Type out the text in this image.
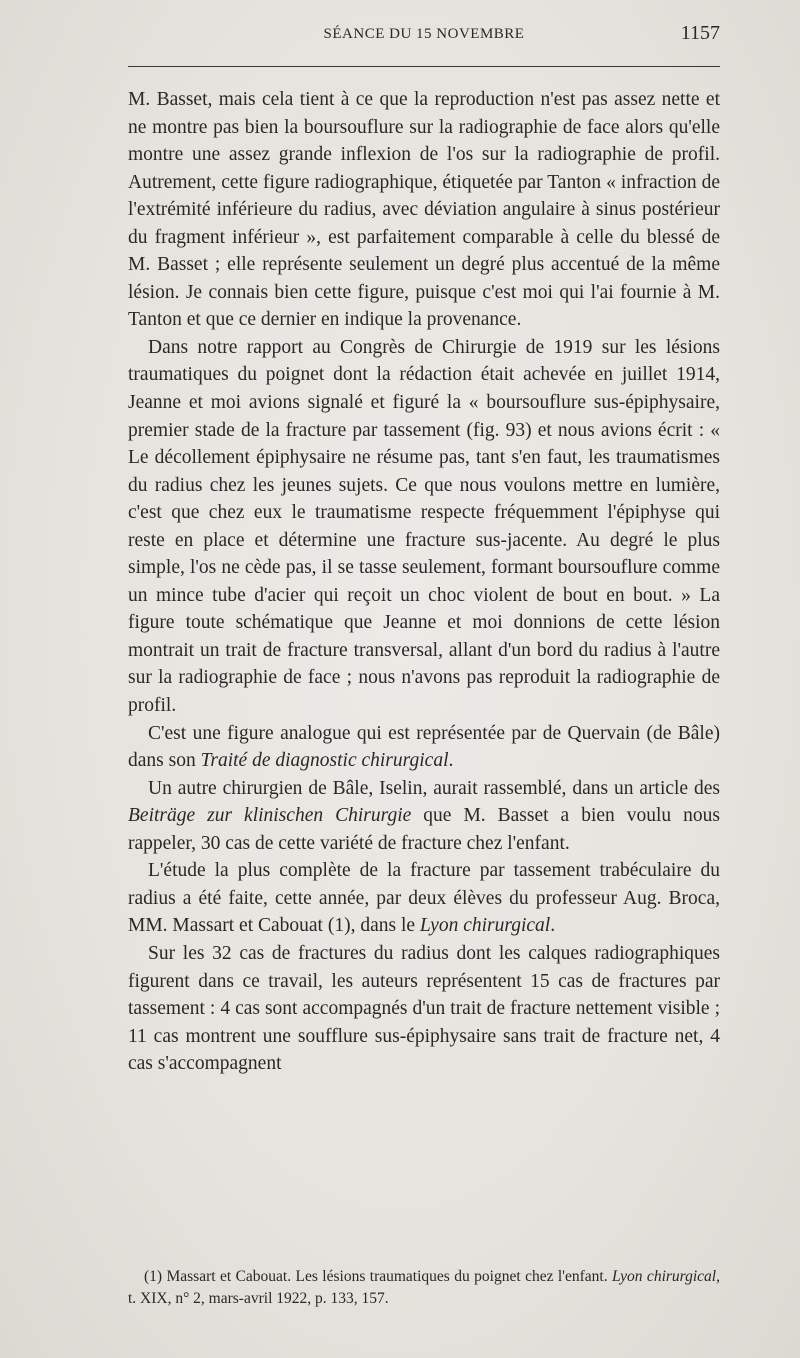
SÉANCE DU 15 NOVEMBRE	1157

M. Basset, mais cela tient à ce que la reproduction n'est pas assez nette et ne montre pas bien la boursouflure sur la radiographie de face alors qu'elle montre une assez grande inflexion de l'os sur la radiographie de profil. Autrement, cette figure radiographique, étiquetée par Tanton « infraction de l'extrémité inférieure du radius, avec déviation angulaire à sinus postérieur du fragment inférieur », est parfaitement comparable à celle du blessé de M. Basset ; elle représente seulement un degré plus accentué de la même lésion. Je connais bien cette figure, puisque c'est moi qui l'ai fournie à M. Tanton et que ce dernier en indique la provenance.

Dans notre rapport au Congrès de Chirurgie de 1919 sur les lésions traumatiques du poignet dont la rédaction était achevée en juillet 1914, Jeanne et moi avions signalé et figuré la « boursouflure sus-épiphysaire, premier stade de la fracture par tassement (fig. 93) et nous avions écrit : « Le décollement épiphysaire ne résume pas, tant s'en faut, les traumatismes du radius chez les jeunes sujets. Ce que nous voulons mettre en lumière, c'est que chez eux le traumatisme respecte fréquemment l'épiphyse qui reste en place et détermine une fracture sus-jacente. Au degré le plus simple, l'os ne cède pas, il se tasse seulement, formant boursouflure comme un mince tube d'acier qui reçoit un choc violent de bout en bout. » La figure toute schématique que Jeanne et moi donnions de cette lésion montrait un trait de fracture transversal, allant d'un bord du radius à l'autre sur la radiographie de face ; nous n'avons pas reproduit la radiographie de profil.

C'est une figure analogue qui est représentée par de Quervain (de Bâle) dans son Traité de diagnostic chirurgical.

Un autre chirurgien de Bâle, Iselin, aurait rassemblé, dans un article des Beiträge zur klinischen Chirurgie que M. Basset a bien voulu nous rappeler, 30 cas de cette variété de fracture chez l'enfant.

L'étude la plus complète de la fracture par tassement trabéculaire du radius a été faite, cette année, par deux élèves du professeur Aug. Broca, MM. Massart et Cabouat (1), dans le Lyon chirurgical.

Sur les 32 cas de fractures du radius dont les calques radiographiques figurent dans ce travail, les auteurs représentent 15 cas de fractures par tassement : 4 cas sont accompagnés d'un trait de fracture nettement visible ; 11 cas montrent une soufflure sus-épiphysaire sans trait de fracture net, 4 cas s'accompagnent

(1) Massart et Cabouat. Les lésions traumatiques du poignet chez l'enfant. Lyon chirurgical, t. XIX, n° 2, mars-avril 1922, p. 133, 157.
